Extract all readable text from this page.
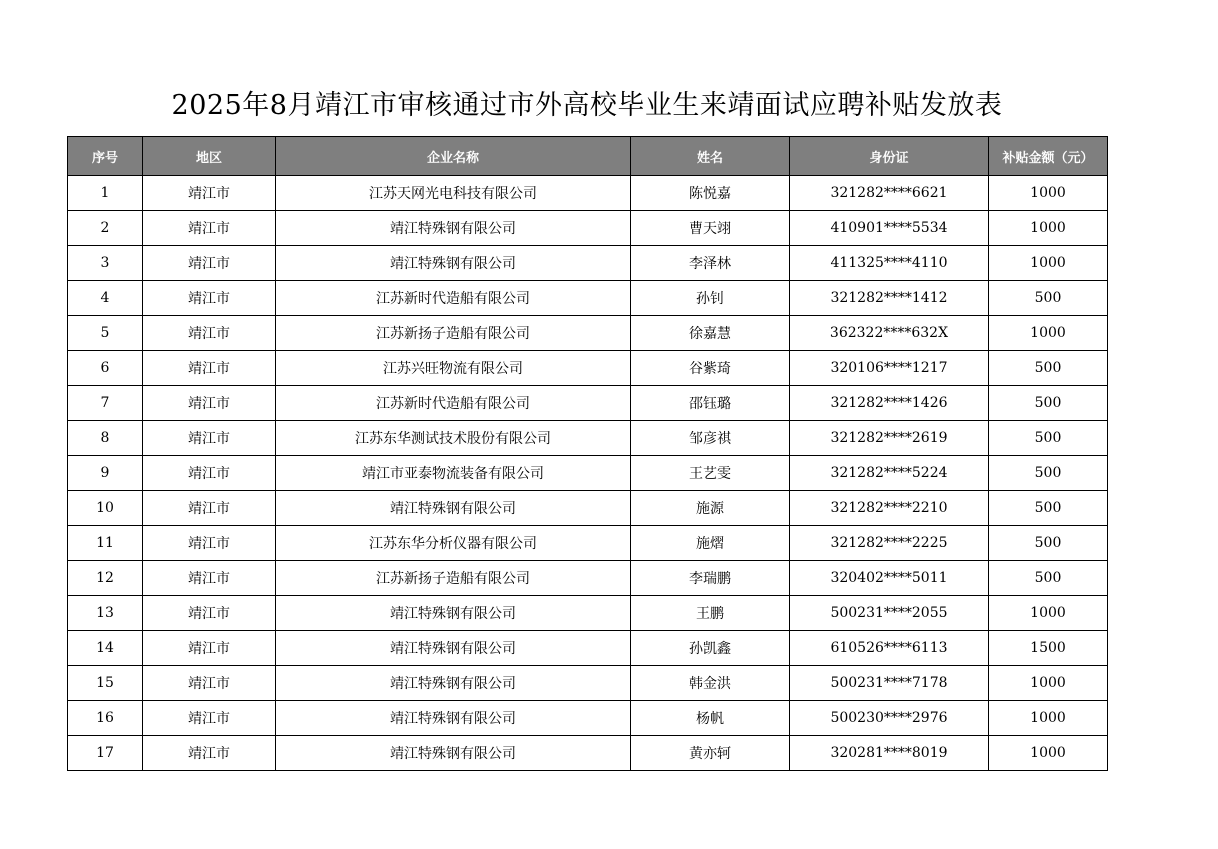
2025年8月靖江市审核通过市外高校毕业生来靖面试应聘补贴发放表
序号	地区	企业名称	姓名	身份证	补贴金额（元）
1	靖江市	江苏天网光电科技有限公司	陈悦嘉	321282****6621	1000
2	靖江市	靖江特殊钢有限公司	曹天翊	410901****5534	1000
3	靖江市	靖江特殊钢有限公司	李泽林	411325****4110	1000
4	靖江市	江苏新时代造船有限公司	孙钊	321282****1412	500
5	靖江市	江苏新扬子造船有限公司	徐嘉慧	362322****632X	1000
6	靖江市	江苏兴旺物流有限公司	谷紫琦	320106****1217	500
7	靖江市	江苏新时代造船有限公司	邵钰璐	321282****1426	500
8	靖江市	江苏东华测试技术股份有限公司	邹彦祺	321282****2619	500
9	靖江市	靖江市亚泰物流装备有限公司	王艺雯	321282****5224	500
10	靖江市	靖江特殊钢有限公司	施源	321282****2210	500
11	靖江市	江苏东华分析仪器有限公司	施熠	321282****2225	500
12	靖江市	江苏新扬子造船有限公司	李瑞鹏	320402****5011	500
13	靖江市	靖江特殊钢有限公司	王鹏	500231****2055	1000
14	靖江市	靖江特殊钢有限公司	孙凯鑫	610526****6113	1500
15	靖江市	靖江特殊钢有限公司	韩金洪	500231****7178	1000
16	靖江市	靖江特殊钢有限公司	杨帆	500230****2976	1000
17	靖江市	靖江特殊钢有限公司	黄亦轲	320281****8019	1000
